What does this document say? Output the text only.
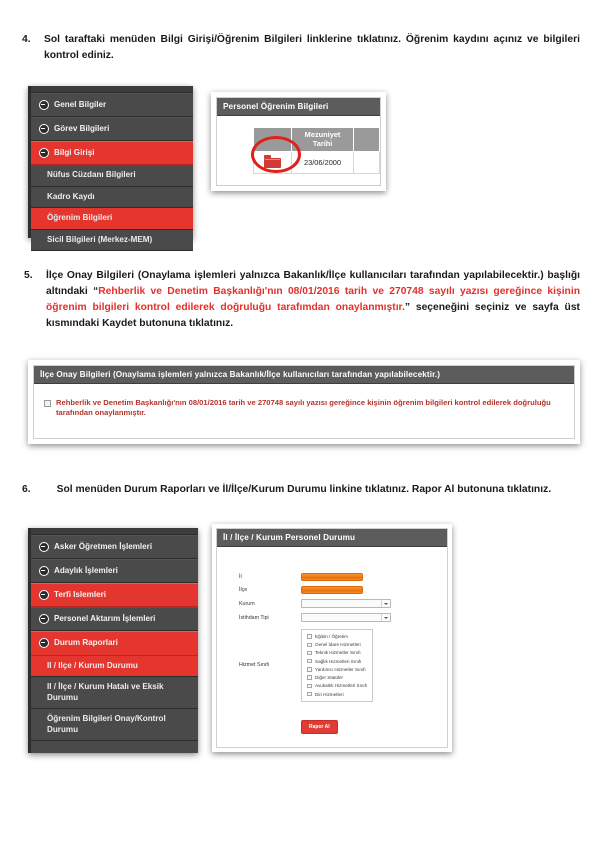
4.	Sol taraftaki menüden Bilgi Girişi/Öğrenim Bilgileri linklerine tıklatınız. Öğrenim kaydını açınız ve bilgileri kontrol ediniz.
Genel Bilgiler
Görev Bilgileri
Bilgi Girişi
Nüfus Cüzdanı Bilgileri
Kadro Kaydı
Öğrenim Bilgileri
Sicil Bilgileri (Merkez-MEM)
Personel Öğrenim Bilgileri
	Mezuniyet Tarihi	

	23/06/2000	
5.	İlçe Onay Bilgileri (Onaylama işlemleri yalnızca Bakanlık/İlçe kullanıcıları tarafından yapılabilecektir.) başlığı altındaki “Rehberlik ve Denetim Başkanlığı'nın 08/01/2016 tarih ve 270748 sayılı yazısı gereğince kişinin öğrenim bilgileri kontrol edilerek doğruluğu tarafımdan onaylanmıştır.” seçeneğini seçiniz ve sayfa üst kısmındaki Kaydet butonuna tıklatınız.
İlçe Onay Bilgileri (Onaylama işlemleri yalnızca Bakanlık/İlçe kullanıcıları tarafından yapılabilecektir.)
Rehberlik ve Denetim Başkanlığı'nın 08/01/2016 tarih ve 270748 sayılı yazısı gereğince kişinin öğrenim bilgileri kontrol edilerek doğruluğu tarafından onaylanmıştır.
6.	Sol menüden Durum Raporları ve İl/İlçe/Kurum Durumu linkine tıklatınız. Rapor Al butonuna tıklatınız.
Asker Öğretmen İşlemleri
Adaylık İşlemleri
Terfi Islemleri
Personel Aktarım İşlemleri
Durum Raporlari
Il / Ilçe / Kurum Durumu
Il / İlçe / Kurum Hatalı ve Eksik Durumu
Öğrenim Bilgileri Onay/Kontrol Durumu
İl / İlçe / Kurum Personel Durumu
İl
İlçe
Kurum
İstihdam Tipi
Hizmet Sınıfı
Eğitim / Öğretim
Genel İdare Hizmetleri
Teknik Hizmetler Sınıfı
Sağlık Hizmetleri Sınıfı
Yardımcı Hizmetler Sınıfı
Diğer Statüler
Avukatlık Hizmetleri Sınıfı
Din Hizmetleri
Rapor Al
